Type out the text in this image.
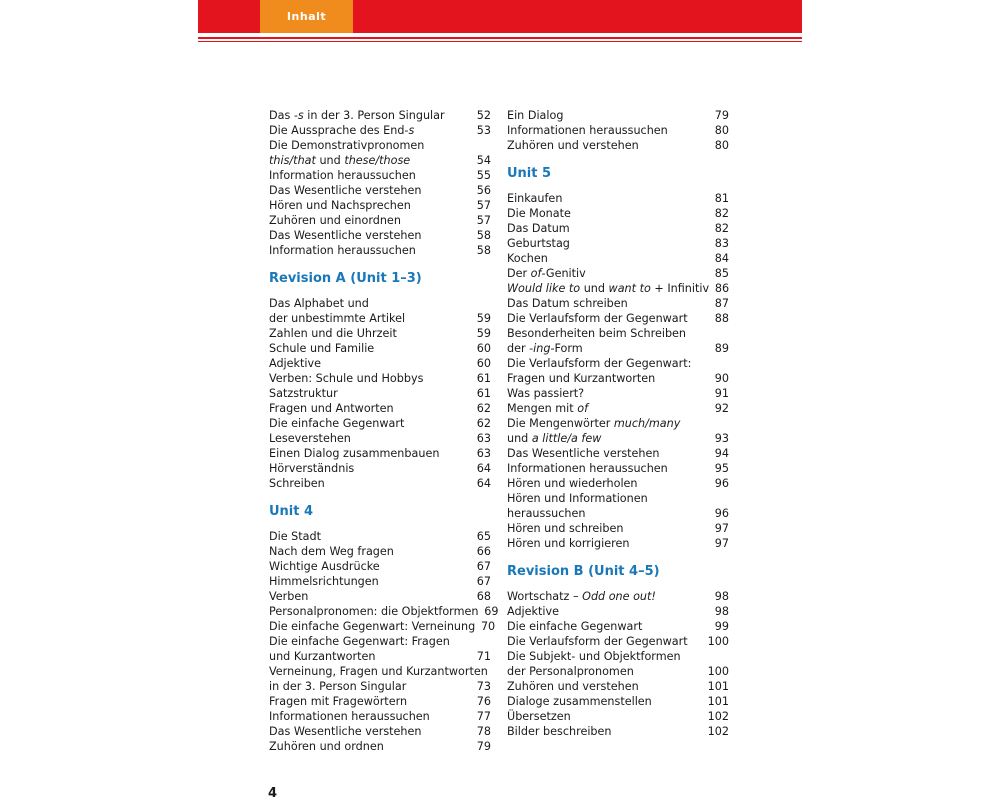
Inhalt
Das -s in der 3. Person Singular	52
Die Aussprache des End-s	53
Die Demonstrativpronomen
this/that und these/those	54
Information heraussuchen	55
Das Wesentliche verstehen	56
Hören und Nachsprechen	57
Zuhören und einordnen	57
Das Wesentliche verstehen	58
Information heraussuchen	58
Revision A (Unit 1–3)
Das Alphabet und
der unbestimmte Artikel	59
Zahlen und die Uhrzeit	59
Schule und Familie	60
Adjektive	60
Verben: Schule und Hobbys	61
Satzstruktur	61
Fragen und Antworten	62
Die einfache Gegenwart	62
Leseverstehen	63
Einen Dialog zusammenbauen	63
Hörverständnis	64
Schreiben	64
Unit 4
Die Stadt	65
Nach dem Weg fragen	66
Wichtige Ausdrücke	67
Himmelsrichtungen	67
Verben	68
Personalpronomen: die Objektformen 69
Die einfache Gegenwart: Verneinung 70
Die einfache Gegenwart: Fragen
und Kurzantworten	71
Verneinung, Fragen und Kurzantworten
in der 3. Person Singular	73
Fragen mit Fragewörtern	76
Informationen heraussuchen	77
Das Wesentliche verstehen	78
Zuhören und ordnen	79
Ein Dialog	79
Informationen heraussuchen	80
Zuhören und verstehen	80
Unit 5
Einkaufen	81
Die Monate	82
Das Datum	82
Geburtstag	83
Kochen	84
Der of-Genitiv	85
Would like to und want to + Infinitiv 86
Das Datum schreiben	87
Die Verlaufsform der Gegenwart	88
Besonderheiten beim Schreiben
der -ing-Form	89
Die Verlaufsform der Gegenwart:
Fragen und Kurzantworten	90
Was passiert?	91
Mengen mit of	92
Die Mengenwörter much/many
und a little/a few	93
Das Wesentliche verstehen	94
Informationen heraussuchen	95
Hören und wiederholen	96
Hören und Informationen
heraussuchen	96
Hören und schreiben	97
Hören und korrigieren	97
Revision B (Unit 4–5)
Wortschatz – Odd one out!	98
Adjektive	98
Die einfache Gegenwart	99
Die Verlaufsform der Gegenwart 100
Die Subjekt- und Objektformen
der Personalpronomen	100
Zuhören und verstehen	101
Dialoge zusammenstellen	101
Übersetzen	102
Bilder beschreiben	102
4
